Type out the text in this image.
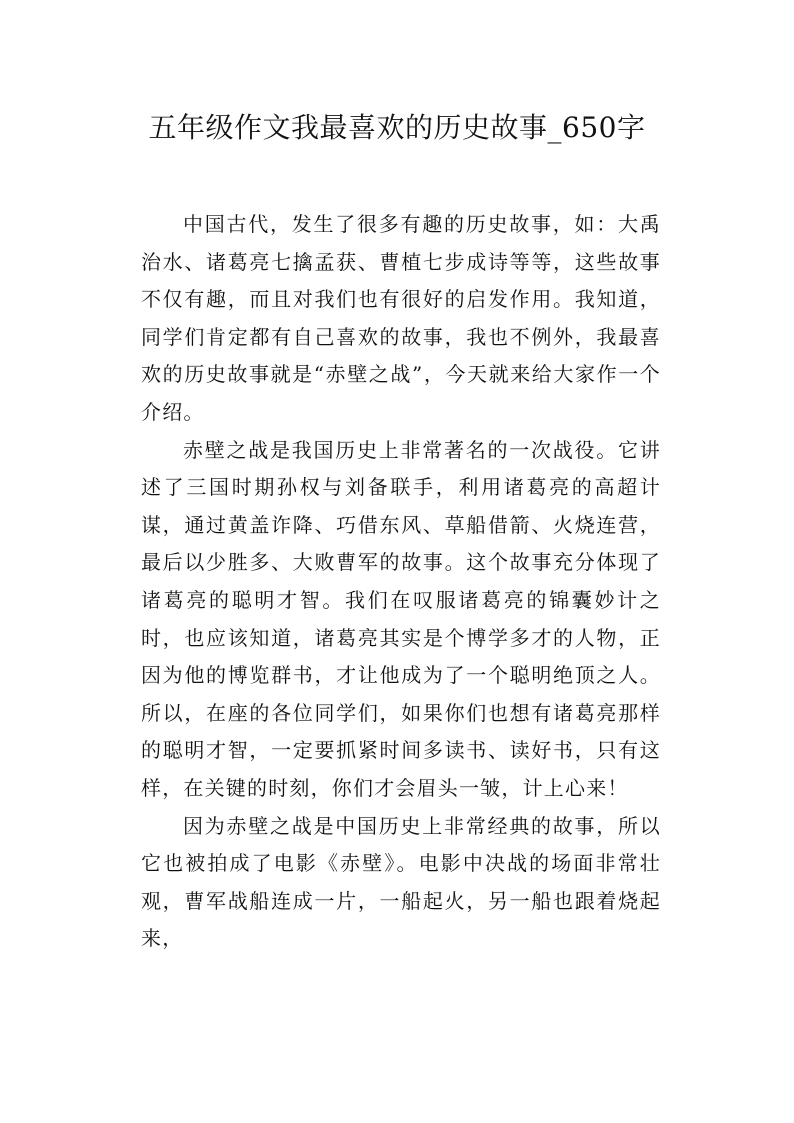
五年级作文我最喜欢的历史故事_650字

中国古代，发生了很多有趣的历史故事，如：大禹治水、诸葛亮七擒孟获、曹植七步成诗等等，这些故事不仅有趣，而且对我们也有很好的启发作用。我知道，同学们肯定都有自己喜欢的故事，我也不例外，我最喜欢的历史故事就是“赤壁之战”，今天就来给大家作一个介绍。

赤壁之战是我国历史上非常著名的一次战役。它讲述了三国时期孙权与刘备联手，利用诸葛亮的高超计谋，通过黄盖诈降、巧借东风、草船借箭、火烧连营，最后以少胜多、大败曹军的故事。这个故事充分体现了诸葛亮的聪明才智。我们在叹服诸葛亮的锦囊妙计之时，也应该知道，诸葛亮其实是个博学多才的人物，正因为他的博览群书，才让他成为了一个聪明绝顶之人。所以，在座的各位同学们，如果你们也想有诸葛亮那样的聪明才智，一定要抓紧时间多读书、读好书，只有这样，在关键的时刻，你们才会眉头一皱，计上心来！

因为赤壁之战是中国历史上非常经典的故事，所以它也被拍成了电影《赤壁》。电影中决战的场面非常壮观，曹军战船连成一片，一船起火，另一船也跟着烧起来，
